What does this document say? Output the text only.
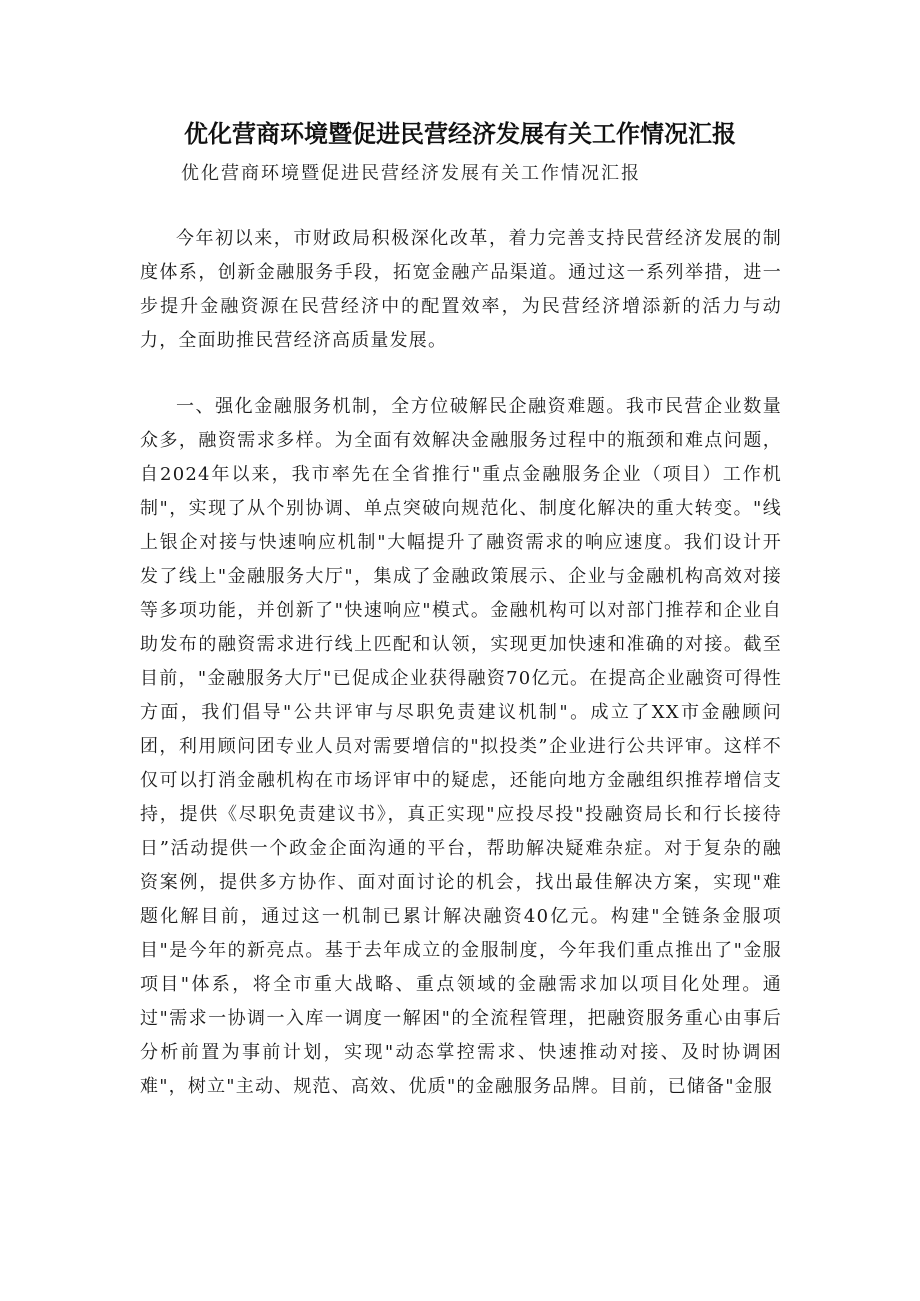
优化营商环境暨促进民营经济发展有关工作情况汇报

优化营商环境暨促进民营经济发展有关工作情况汇报

今年初以来，市财政局积极深化改革，着力完善支持民营经济发展的制度体系，创新金融服务手段，拓宽金融产品渠道。通过这一系列举措，进一步提升金融资源在民营经济中的配置效率，为民营经济增添新的活力与动力，全面助推民营经济高质量发展。

一、强化金融服务机制，全方位破解民企融资难题。我市民营企业数量众多，融资需求多样。为全面有效解决金融服务过程中的瓶颈和难点问题，自2024年以来，我市率先在全省推行"重点金融服务企业（项目）工作机制"，实现了从个别协调、单点突破向规范化、制度化解决的重大转变。"线上银企对接与快速响应机制"大幅提升了融资需求的响应速度。我们设计开发了线上"金融服务大厅"，集成了金融政策展示、企业与金融机构高效对接等多项功能，并创新了"快速响应"模式。金融机构可以对部门推荐和企业自助发布的融资需求进行线上匹配和认领，实现更加快速和准确的对接。截至目前，"金融服务大厅"已促成企业获得融资70亿元。在提高企业融资可得性方面，我们倡导"公共评审与尽职免责建议机制"。成立了XX市金融顾问团，利用顾问团专业人员对需要增信的"拟投类”企业进行公共评审。这样不仅可以打消金融机构在市场评审中的疑虑，还能向地方金融组织推荐增信支持，提供《尽职免责建议书》，真正实现"应投尽投"投融资局长和行长接待日”活动提供一个政金企面沟通的平台，帮助解决疑难杂症。对于复杂的融资案例，提供多方协作、面对面讨论的机会，找出最佳解决方案，实现"难题化解目前，通过这一机制已累计解决融资40亿元。构建"全链条金服项目"是今年的新亮点。基于去年成立的金服制度，今年我们重点推出了"金服项目"体系，将全市重大战略、重点领域的金融需求加以项目化处理。通过"需求一协调一入库一调度一解困"的全流程管理，把融资服务重心由事后分析前置为事前计划，实现"动态掌控需求、快速推动对接、及时协调困难"，树立"主动、规范、高效、优质"的金融服务品牌。目前，已储备"金服
